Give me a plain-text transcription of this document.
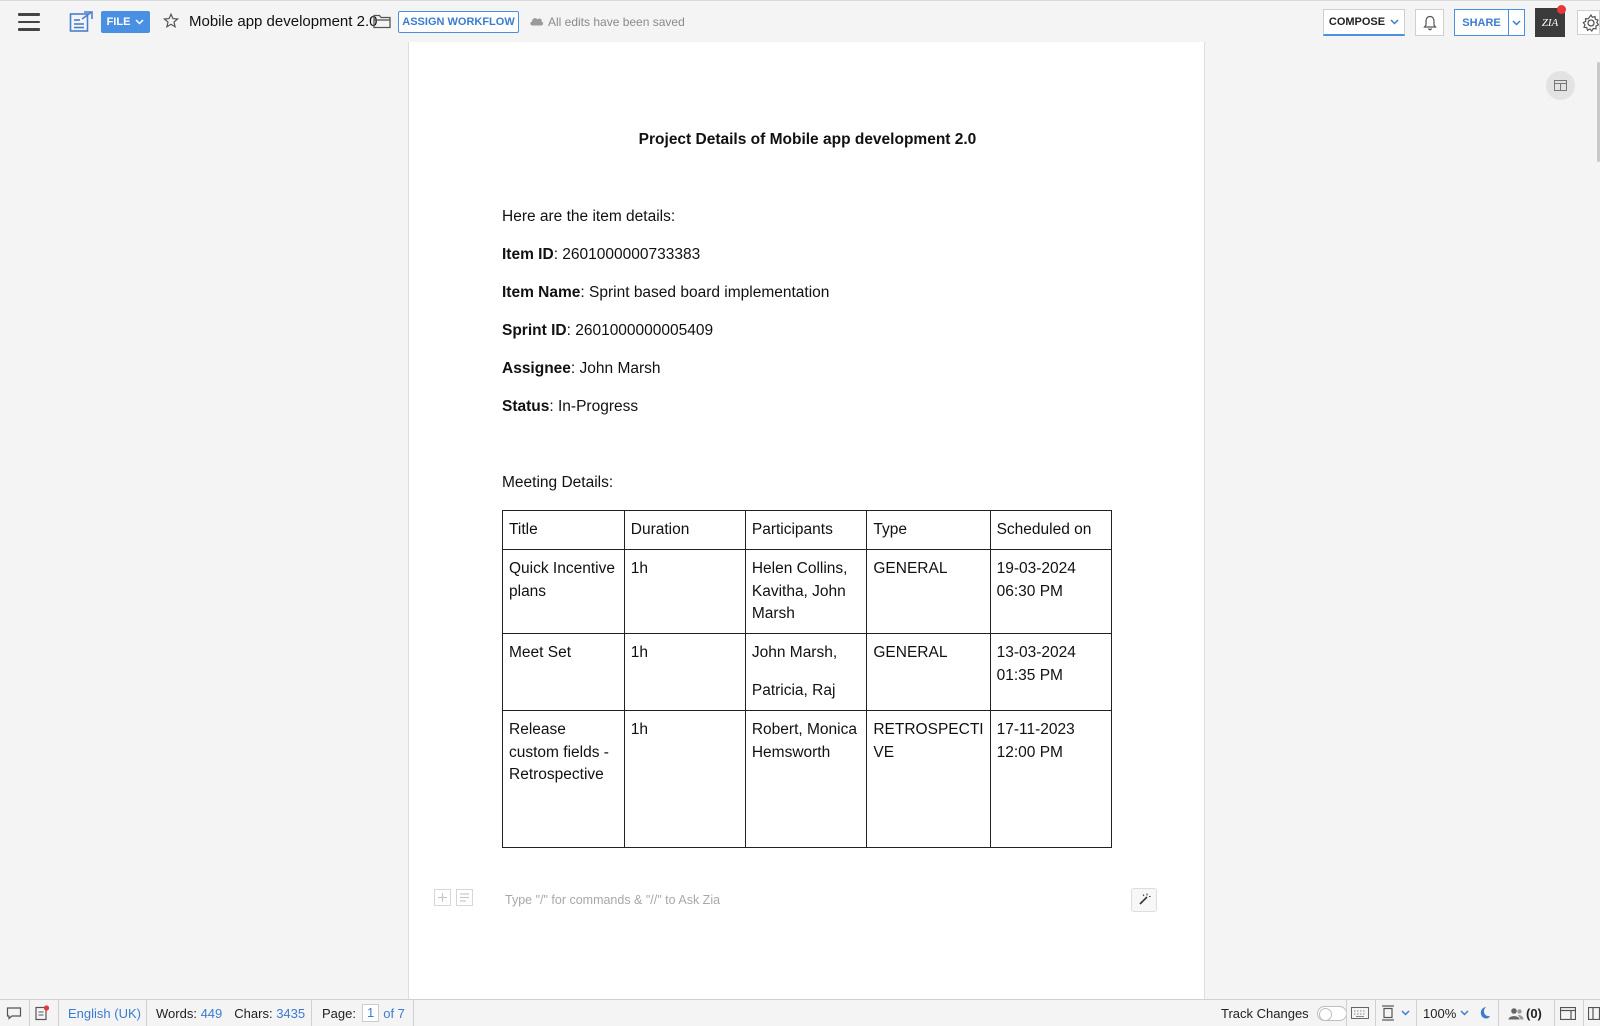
FILE	Mobile app development 2.0	ASSIGN WORKFLOW	All edits have been saved	COMPOSE	SHARE	ZIA
Project Details of Mobile app development 2.0
Here are the item details:
Item ID: 2601000000733383
Item Name: Sprint based board implementation
Sprint ID: 2601000000005409
Assignee: John Marsh
Status: In-Progress
Meeting Details:
Title	Duration	Participants	Type	Scheduled on
Quick Incentive plans	1h	Helen Collins, Kavitha, John Marsh	GENERAL	19-03-2024 06:30 PM
Meet Set	1h	John Marsh,
Patricia, Raj	GENERAL	13-03-2024 01:35 PM
Release custom fields - Retrospective	1h	Robert, Monica Hemsworth	RETROSPECTI VE	17-11-2023 12:00 PM
Type "/" for commands & "//" to Ask Zia
English (UK) Words:
449 Chars:
3435 Page: 1 of 7	Track Changes	100%	(0)
